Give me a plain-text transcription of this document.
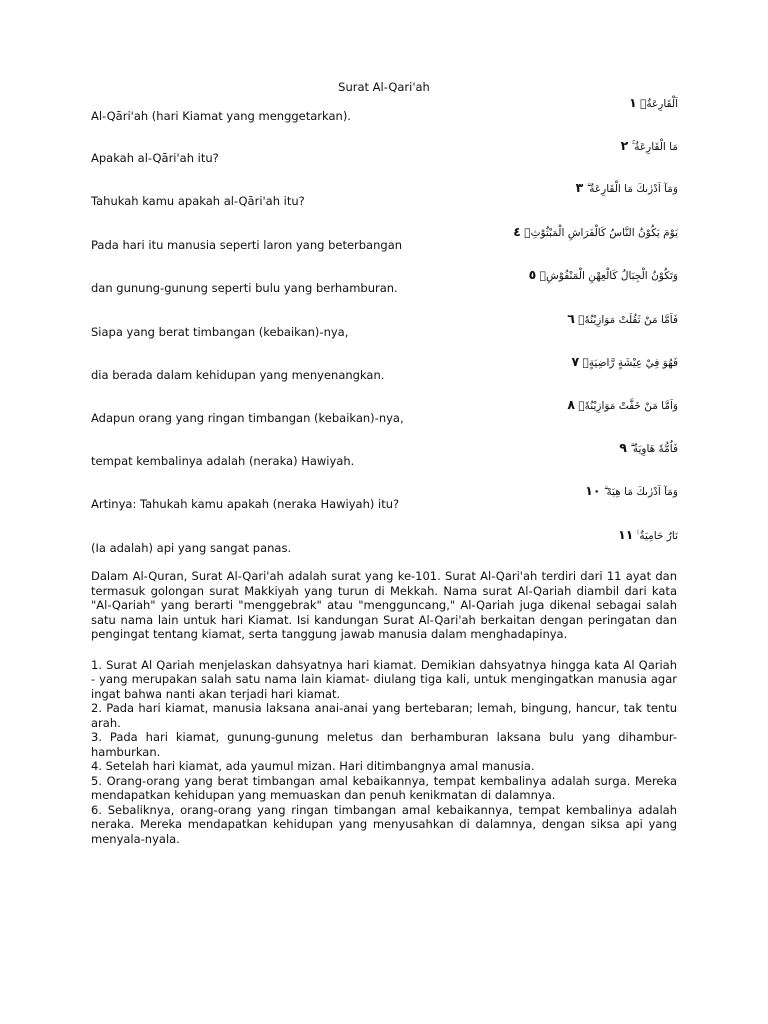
Surat Al-Qari'ah
اَلْقَارِعَةُۙ ١
Al-Qāri'ah (hari Kiamat yang menggetarkan).
مَا الْقَارِعَةُ ۚ ٢
Apakah al-Qāri'ah itu?
وَمَآ اَدْرٰىكَ مَا الْقَارِعَةُ ۗ ٣
Tahukah kamu apakah al-Qāri'ah itu?
يَوْمَ يَكُوْنُ النَّاسُ كَالْفَرَاشِ الْمَبْثُوْثِۙ ٤
Pada hari itu manusia seperti laron yang beterbangan
وَتَكُوْنُ الْجِبَالُ كَالْعِهْنِ الْمَنْفُوْشِۗ ٥
dan gunung-gunung seperti bulu yang berhamburan.
فَاَمَّا مَنْ ثَقُلَتْ مَوَازِيْنُهٗۙ ٦
Siapa yang berat timbangan (kebaikan)-nya,
فَهُوَ فِيْ عِيْشَةٍ رَّاضِيَةٍۗ ٧
dia berada dalam kehidupan yang menyenangkan.
وَاَمَّا مَنْ خَفَّتْ مَوَازِيْنُهٗۙ ٨
Adapun orang yang ringan timbangan (kebaikan)-nya,
فَاُمُّهٗ هَاوِيَةٌ ۗ ٩
tempat kembalinya adalah (neraka) Hawiyah.
وَمَآ اَدْرٰىكَ مَا هِيَهْ ۗ ١٠
Artinya: Tahukah kamu apakah (neraka Hawiyah) itu?
نَارٌ حَامِيَةٌ ࣖ ١١
(Ia adalah) api yang sangat panas.

Dalam Al-Quran, Surat Al-Qari'ah adalah surat yang ke-101. Surat Al-Qari'ah terdiri dari 11 ayat dan termasuk golongan surat Makkiyah yang turun di Mekkah. Nama surat Al-Qariah diambil dari kata "Al-Qariah" yang berarti "menggebrak" atau "mengguncang," Al-Qariah juga dikenal sebagai salah satu nama lain untuk hari Kiamat. Isi kandungan Surat Al-Qari'ah berkaitan dengan peringatan dan pengingat tentang kiamat, serta tanggung jawab manusia dalam menghadapinya.

1. Surat Al Qariah menjelaskan dahsyatnya hari kiamat. Demikian dahsyatnya hingga kata Al Qariah - yang merupakan salah satu nama lain kiamat- diulang tiga kali, untuk mengingatkan manusia agar ingat bahwa nanti akan terjadi hari kiamat.

2. Pada hari kiamat, manusia laksana anai-anai yang bertebaran; lemah, bingung, hancur, tak tentu arah.

3. Pada hari kiamat, gunung-gunung meletus dan berhamburan laksana bulu yang dihambur-hamburkan.

4. Setelah hari kiamat, ada yaumul mizan. Hari ditimbangnya amal manusia.

5. Orang-orang yang berat timbangan amal kebaikannya, tempat kembalinya adalah surga. Mereka mendapatkan kehidupan yang memuaskan dan penuh kenikmatan di dalamnya.

6. Sebaliknya, orang-orang yang ringan timbangan amal kebaikannya, tempat kembalinya adalah neraka. Mereka mendapatkan kehidupan yang menyusahkan di dalamnya, dengan siksa api yang menyala-nyala.
